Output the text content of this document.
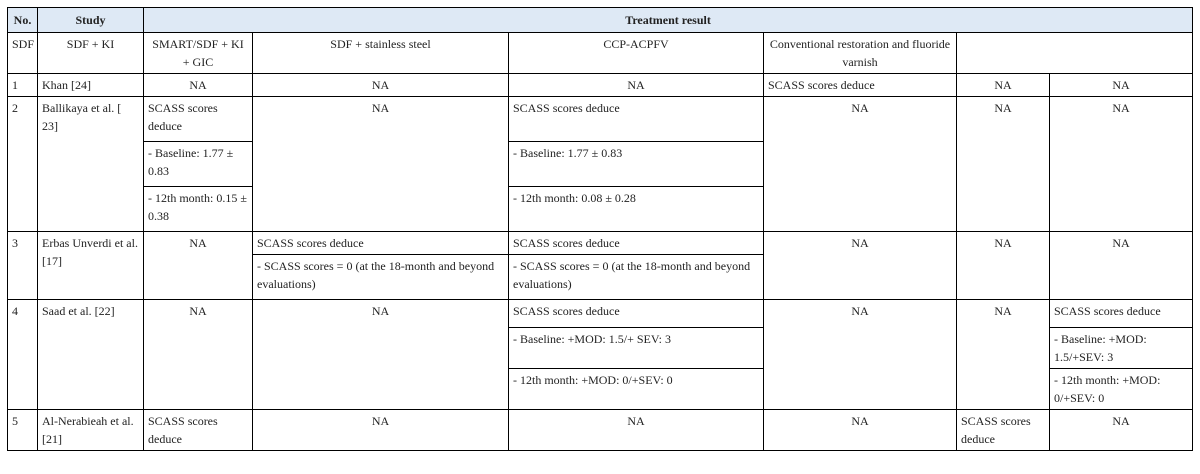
No.	Study	Treatment result					
SDF	SDF + KI	SMART/SDF + KI + GIC	SDF + stainless steel	CCP-ACPFV	Conventional restoration and fluoride varnish		
1	Khan [24]	NA	NA	NA	SCASS scores deduce	NA	NA
2	Ballikaya et al. [ 23]	SCASS scores deduce	NA	SCASS scores deduce	NA	NA	NA
		- Baseline: 1.77 ± 0.83		- Baseline: 1.77 ± 0.83			
		- 12th month: 0.15 ± 0.38		- 12th month: 0.08 ± 0.28			
3	Erbas Unverdi et al. [17]	NA	SCASS scores deduce	SCASS scores deduce	NA	NA	NA
			- SCASS scores = 0 (at the 18-month and beyond evaluations)	- SCASS scores = 0 (at the 18-month and beyond evaluations)			
4	Saad et al. [22]	NA	NA	SCASS scores deduce	NA	NA	SCASS scores deduce
				- Baseline: +MOD: 1.5/+ SEV: 3			- Baseline: +MOD: 1.5/+SEV: 3
				- 12th month: +MOD: 0/+SEV: 0			- 12th month: +MOD: 0/+SEV: 0
5	Al-Nerabieah et al. [21]	SCASS scores deduce	NA	NA	NA	SCASS scores deduce	NA
